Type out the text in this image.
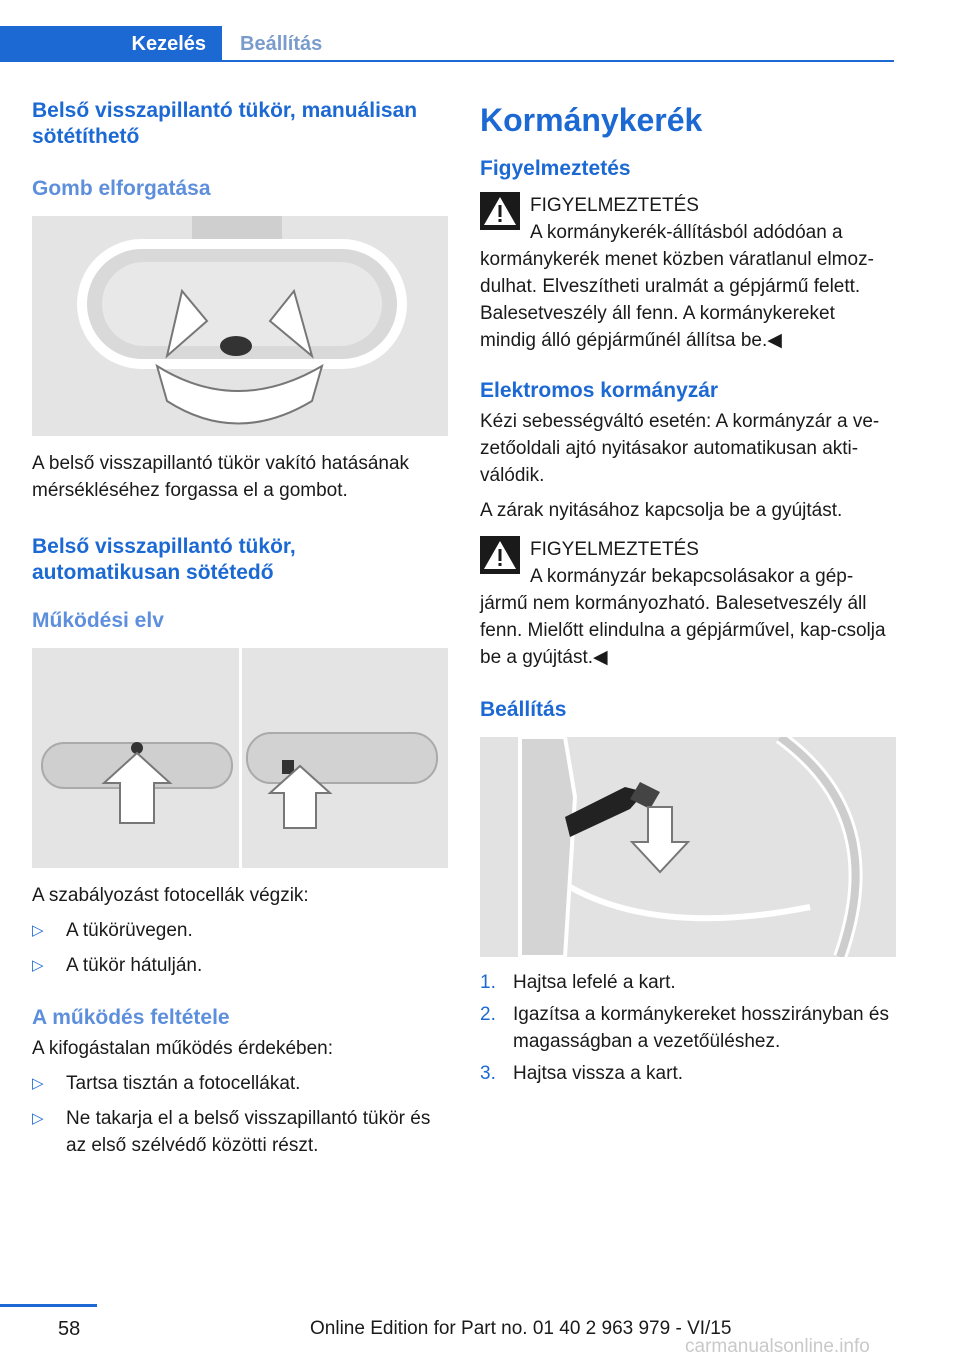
Kezelés	Beállítás
Belső visszapillantó tükör, manuálisan sötétíthető
Gomb elforgatása

A belső visszapillantó tükör vakító hatásának mérsékléséhez forgassa el a gombot.

Belső visszapillantó tükör, automatikusan sötétedő
Működési elv

A szabályozást fotocellák végzik:

▷ A tükörüvegen.
▷ A tükör hátulján.
A működés feltétele

A kifogástalan működés érdekében:

▷ Tartsa tisztán a fotocellákat.
▷ Ne takarja el a belső visszapillantó tükör és az első szélvédő közötti részt.
Kormánykerék
Figyelmeztetés
FIGYELMEZTETÉS

A kormánykerék-állításból adódóan a kormánykerék menet közben váratlanul elmoz-dulhat. Elveszítheti uralmát a gépjármű felett. Balesetveszély áll fenn. A kormánykereket mindig álló gépjárműnél állítsa be.◀

Elektromos kormányzár

Kézi sebességváltó esetén: A kormányzár a ve-zetőoldali ajtó nyitásakor automatikusan akti-válódik.

A zárak nyitásához kapcsolja be a gyújtást.

FIGYELMEZTETÉS

A kormányzár bekapcsolásakor a gép-jármű nem kormányozható. Balesetveszély áll fenn. Mielőtt elindulna a gépjárművel, kap-csolja be a gyújtást.◀

Beállítás
1. Hajtsa lefelé a kart.
2. Igazítsa a kormánykereket hosszirányban és magasságban a vezetőüléshez.
3. Hajtsa vissza a kart.
58	Online Edition for Part no. 01 40 2 963 979 - VI/15
carmanualsonline.info
